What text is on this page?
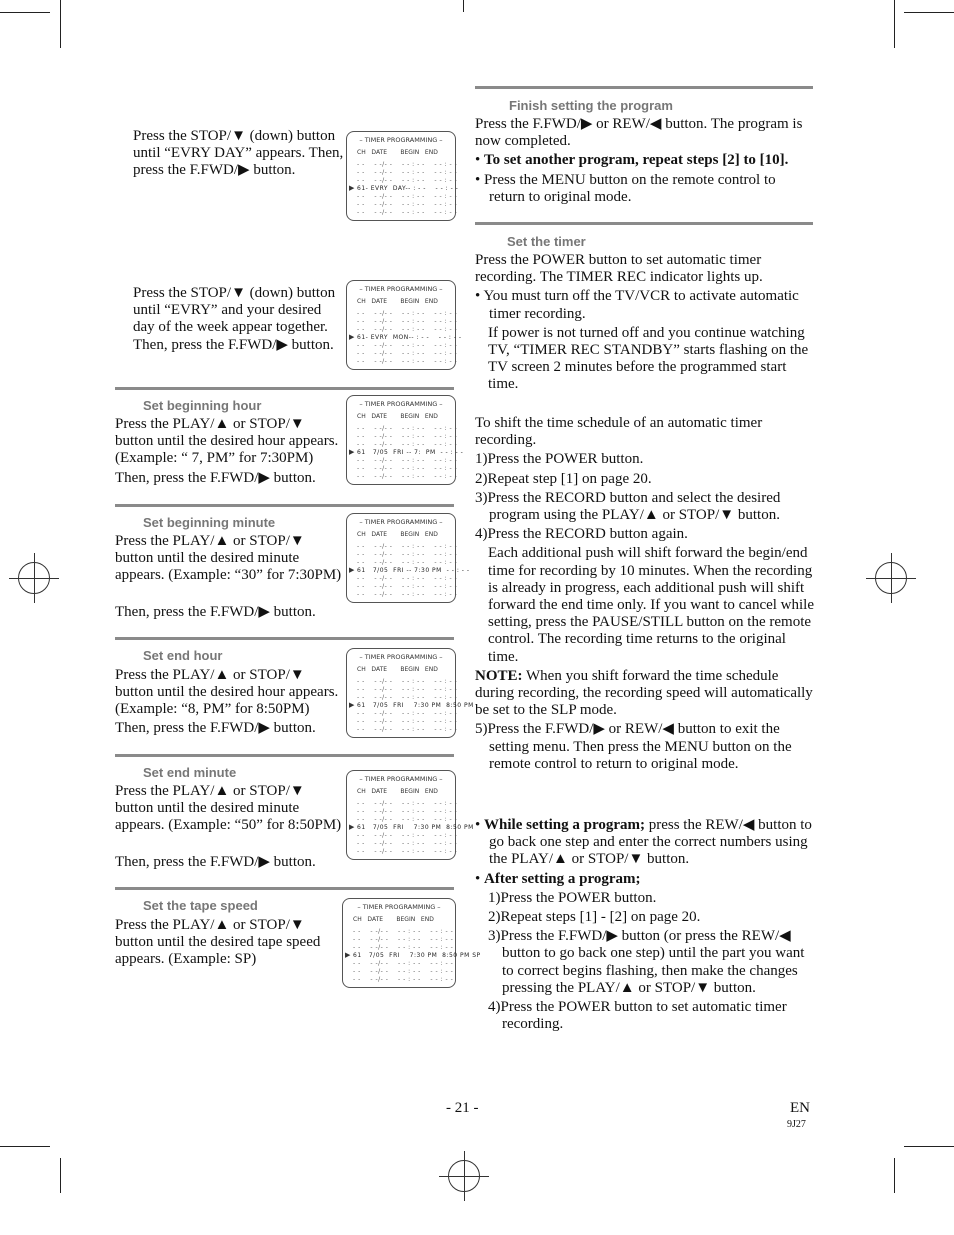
Press the STOP/▼ (down) button until “EVRY DAY” appears. Then, press the F.FWD/▶ button.
Press the STOP/▼ (down) button until “EVRY” and your desired day of the week appear together. Then, press the F.FWD/▶ button.
Set beginning hour
Press the PLAY/▲ or STOP/▼ button until the desired hour appears. (Example: “ 7, PM” for 7:30PM)
Then, press the F.FWD/▶ button.
Set beginning minute
Press the PLAY/▲ or STOP/▼ button until the desired minute appears. (Example: “30” for 7:30PM)
Then, press the F.FWD/▶ button.
Set end hour
Press the PLAY/▲ or STOP/▼ button until the desired hour appears. (Example: “8, PM” for 8:50PM)
Then, press the F.FWD/▶ button.
Set end minute
Press the PLAY/▲ or STOP/▼ button until the desired minute appears. (Example: “50” for 8:50PM)
Then, press the F.FWD/▶ button.
Set the tape speed
Press the PLAY/▲ or STOP/▼ button until the desired tape speed appears. (Example: SP)
– TIMER PROGRAMMING –
CH   DATE       BEGIN   END
- -    - -/- -    - - : - -    - - : - -
- -    - -/- -    - - : - -    - - : - -
- -    - -/- -    - - : - -    - - : - -
▶ 61- EVRY  DAY-- : - -    - - : - -
- -    - -/- -    - - : - -    - - : - -
- -    - -/- -    - - : - -    - - : - -
- -    - -/- -    - - : - -    - - : - -
– TIMER PROGRAMMING –
CH   DATE       BEGIN   END
- -    - -/- -    - - : - -    - - : - -
- -    - -/- -    - - : - -    - - : - -
- -    - -/- -    - - : - -    - - : - -
▶ 61- EVRY  MON-- : - -    - - : - -
- -    - -/- -    - - : - -    - - : - -
- -    - -/- -    - - : - -    - - : - -
- -    - -/- -    - - : - -    - - : - -
– TIMER PROGRAMMING –
CH   DATE       BEGIN   END
- -    - -/- -    - - : - -    - - : - -
- -    - -/- -    - - : - -    - - : - -
- -    - -/- -    - - : - -    - - : - -
▶ 61   7/05  FRI -- 7:  PM  - - : - -
- -    - -/- -    - - : - -    - - : - -
- -    - -/- -    - - : - -    - - : - -
- -    - -/- -    - - : - -    - - : - -
– TIMER PROGRAMMING –
CH   DATE       BEGIN   END
- -    - -/- -    - - : - -    - - : - -
- -    - -/- -    - - : - -    - - : - -
- -    - -/- -    - - : - -    - - : - -
▶ 61   7/05  FRI -- 7:30 PM  - - : - -
- -    - -/- -    - - : - -    - - : - -
- -    - -/- -    - - : - -    - - : - -
- -    - -/- -    - - : - -    - - : - -
– TIMER PROGRAMMING –
CH   DATE       BEGIN   END
- -    - -/- -    - - : - -    - - : - -
- -    - -/- -    - - : - -    - - : - -
- -    - -/- -    - - : - -    - - : - -
▶ 61   7/05  FRI    7:30 PM  8:50 PM
- -    - -/- -    - - : - -    - - : - -
- -    - -/- -    - - : - -    - - : - -
- -    - -/- -    - - : - -    - - : - -
– TIMER PROGRAMMING –
CH   DATE       BEGIN   END
- -    - -/- -    - - : - -    - - : - -
- -    - -/- -    - - : - -    - - : - -
- -    - -/- -    - - : - -    - - : - -
▶ 61   7/05  FRI    7:30 PM  8:50 PM
- -    - -/- -    - - : - -    - - : - -
- -    - -/- -    - - : - -    - - : - -
- -    - -/- -    - - : - -    - - : - -
– TIMER PROGRAMMING –
CH   DATE       BEGIN   END
- -    - -/- -    - - : - -    - - : - -
- -    - -/- -    - - : - -    - - : - -
- -    - -/- -    - - : - -    - - : - -
▶ 61   7/05  FRI    7:30 PM  8:50 PM SP
- -    - -/- -    - - : - -    - - : - -
- -    - -/- -    - - : - -    - - : - -
- -    - -/- -    - - : - -    - - : - -
Finish setting the program

Press the F.FWD/▶ or REW/◀ button. The program is now completed.

• To set another program, repeat steps [2] to [10].

• Press the MENU button on the remote control to return to original mode.

Set the timer

Press the POWER button to set automatic timer recording. The TIMER REC indicator lights up.

• You must turn off the TV/VCR to activate automatic timer recording.

If power is not turned off and you continue watching TV, “TIMER REC STANDBY” starts flashing on the TV screen 2 minutes before the programmed start time.

To shift the time schedule of an automatic timer recording.

1)Press the POWER button.

2)Repeat step [1] on page 20.

3)Press the RECORD button and select the desired program using the PLAY/▲ or STOP/▼ button.

4)Press the RECORD button again.

Each additional push will shift forward the begin/end time for recording by 10 minutes. When the recording is already in progress, each additional push will shift forward the end time only. If you want to cancel while setting, press the PAUSE/STILL button on the remote control. The recording time returns to the original time.

NOTE: When you shift forward the time schedule during recording, the recording speed will automatically be set to the SLP mode.

5)Press the F.FWD/▶ or REW/◀ button to exit the setting menu. Then press the MENU button on the remote control to return to original mode.

• While setting a program; press the REW/◀ button to go back one step and enter the correct numbers using the PLAY/▲ or STOP/▼ button.

• After setting a program;

1)Press the POWER button.

2)Repeat steps [1] - [2] on page 20.

3)Press the F.FWD/▶ button (or press the REW/◀ button to go back one step) until the part you want to correct begins flashing, then make the changes pressing the PLAY/▲ or STOP/▼ button.

4)Press the POWER button to set automatic timer recording.

- 21 -	EN
9J27
